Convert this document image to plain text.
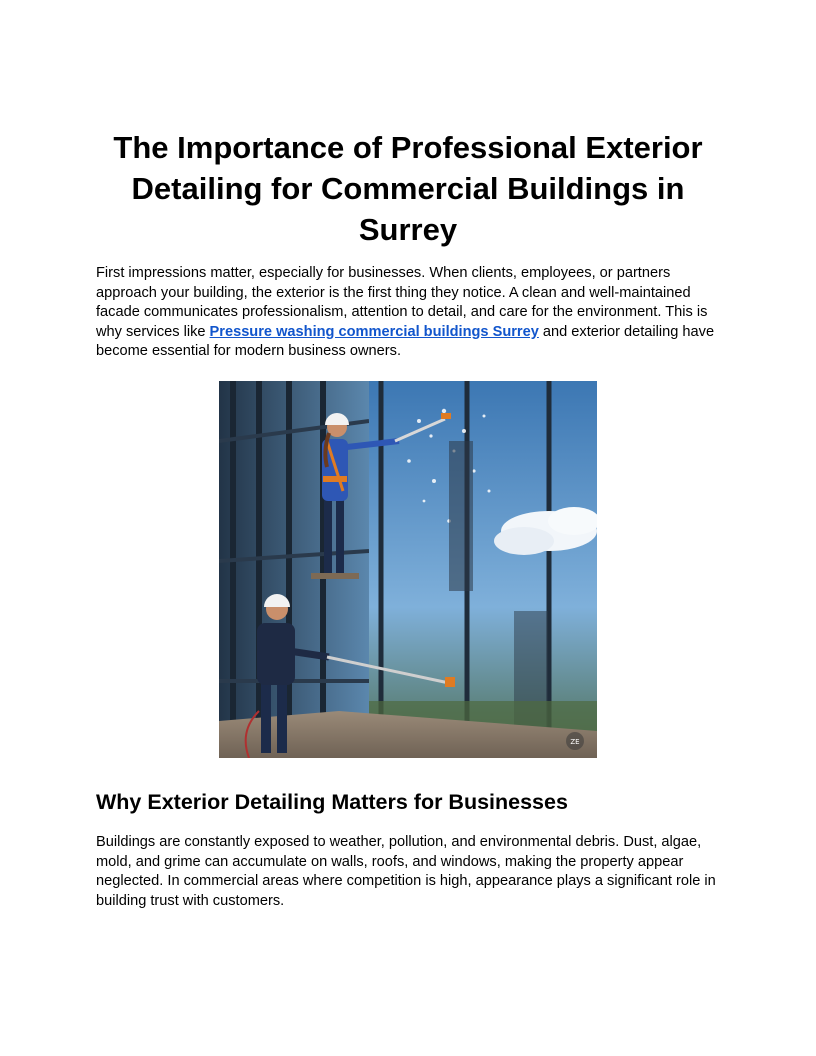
The Importance of Professional Exterior Detailing for Commercial Buildings in Surrey

First impressions matter, especially for businesses. When clients, employees, or partners approach your building, the exterior is the first thing they notice. A clean and well-maintained facade communicates professionalism, attention to detail, and care for the environment. This is why services like Pressure washing commercial buildings Surrey and exterior detailing have become essential for modern business owners.

ZE
Why Exterior Detailing Matters for Businesses

Buildings are constantly exposed to weather, pollution, and environmental debris. Dust, algae, mold, and grime can accumulate on walls, roofs, and windows, making the property appear neglected. In commercial areas where competition is high, appearance plays a significant role in building trust with customers.
